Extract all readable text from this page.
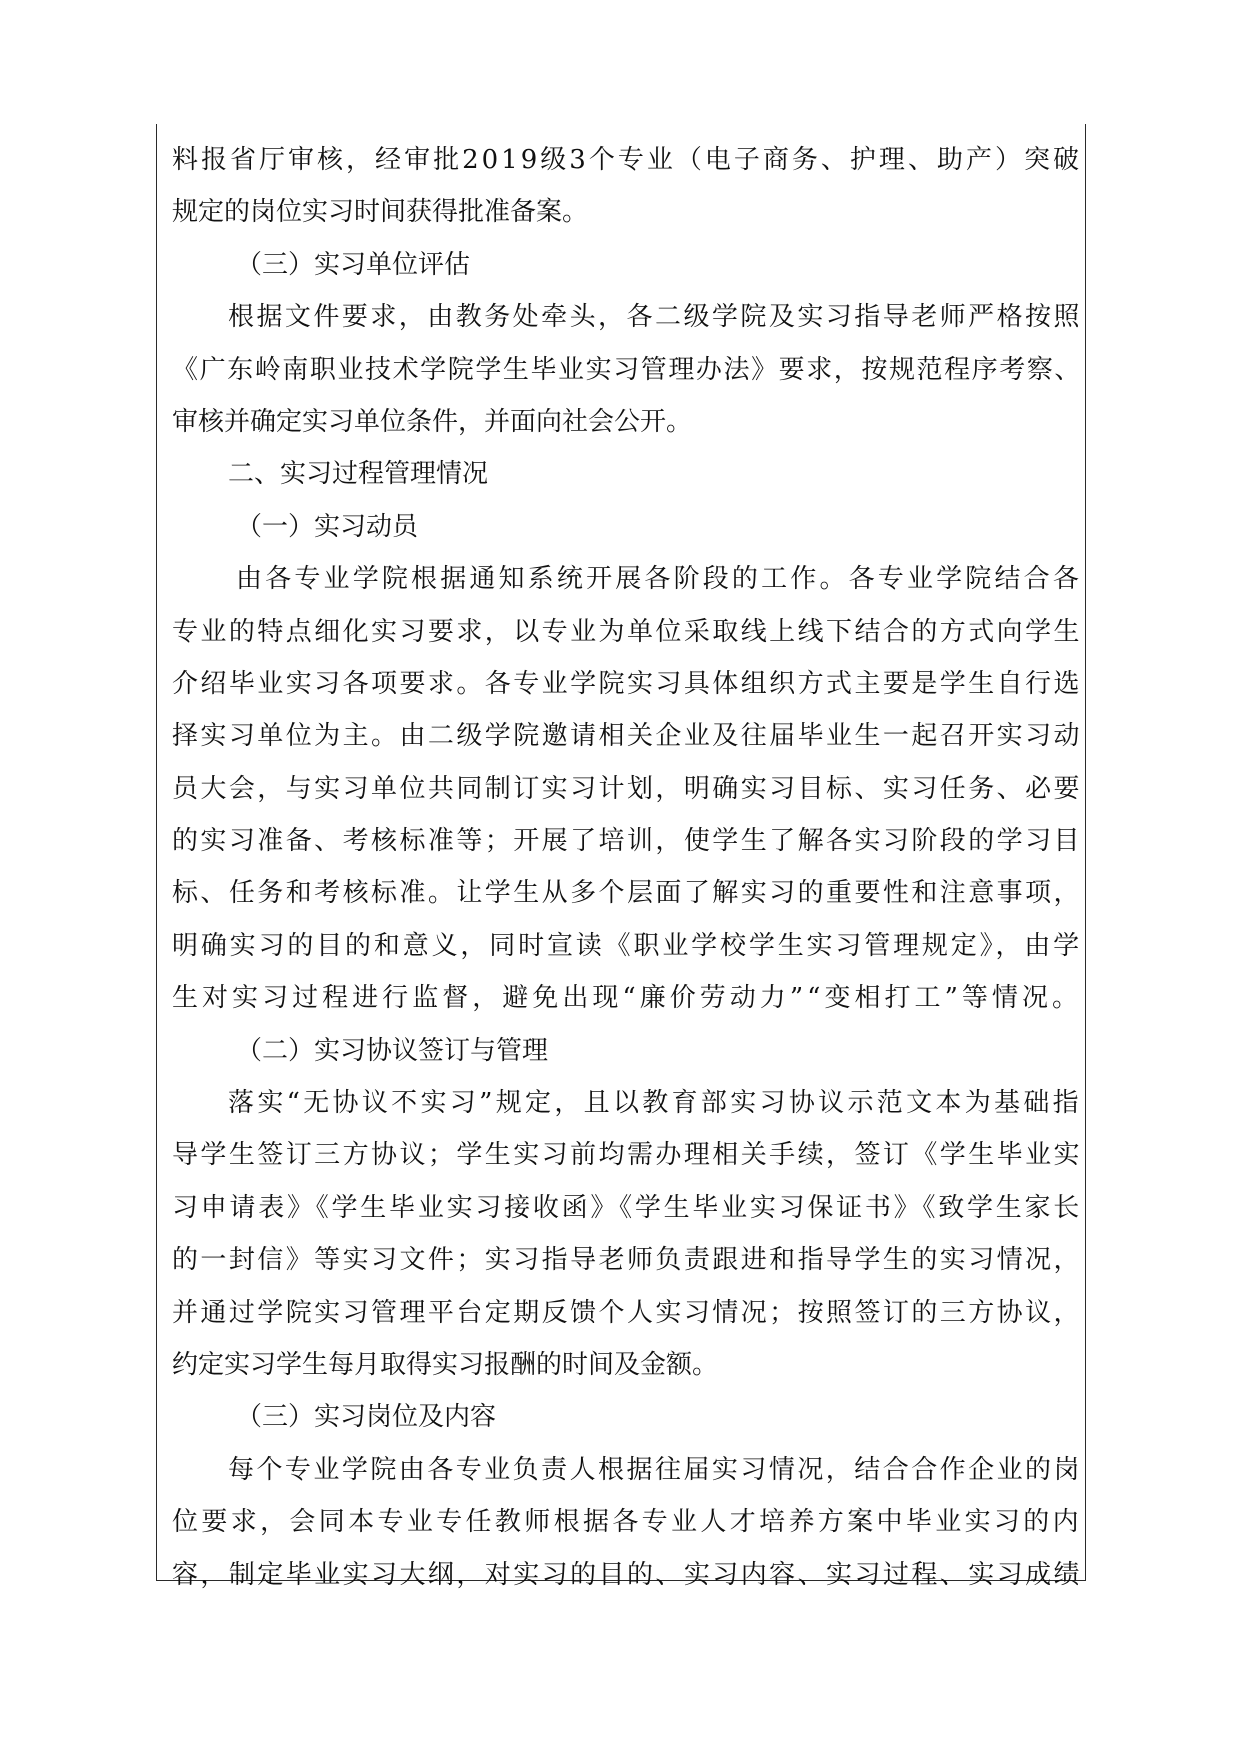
料报省厅审核，经审批2019级3个专业（电子商务、护理、助产）突破
规定的岗位实习时间获得批准备案。
（三）实习单位评估
根据文件要求，由教务处牵头，各二级学院及实习指导老师严格按照
《广东岭南职业技术学院学生毕业实习管理办法》要求，按规范程序考察、
审核并确定实习单位条件，并面向社会公开。
二、实习过程管理情况
（一）实习动员
由各专业学院根据通知系统开展各阶段的工作。各专业学院结合各
专业的特点细化实习要求，以专业为单位采取线上线下结合的方式向学生
介绍毕业实习各项要求。各专业学院实习具体组织方式主要是学生自行选
择实习单位为主。由二级学院邀请相关企业及往届毕业生一起召开实习动
员大会，与实习单位共同制订实习计划，明确实习目标、实习任务、必要
的实习准备、考核标准等；开展了培训，使学生了解各实习阶段的学习目
标、任务和考核标准。让学生从多个层面了解实习的重要性和注意事项，
明确实习的目的和意义，同时宣读《职业学校学生实习管理规定》，由学
生对实习过程进行监督，避免出现“廉价劳动力”“变相打工”等情况。
（二）实习协议签订与管理
落实“无协议不实习”规定，且以教育部实习协议示范文本为基础指
导学生签订三方协议；学生实习前均需办理相关手续，签订《学生毕业实
习申请表》《学生毕业实习接收函》《学生毕业实习保证书》《致学生家长
的一封信》等实习文件；实习指导老师负责跟进和指导学生的实习情况，
并通过学院实习管理平台定期反馈个人实习情况；按照签订的三方协议，
约定实习学生每月取得实习报酬的时间及金额。
（三）实习岗位及内容
每个专业学院由各专业负责人根据往届实习情况，结合合作企业的岗
位要求，会同本专业专任教师根据各专业人才培养方案中毕业实习的内
容，制定毕业实习大纲，对实习的目的、实习内容、实习过程、实习成绩
